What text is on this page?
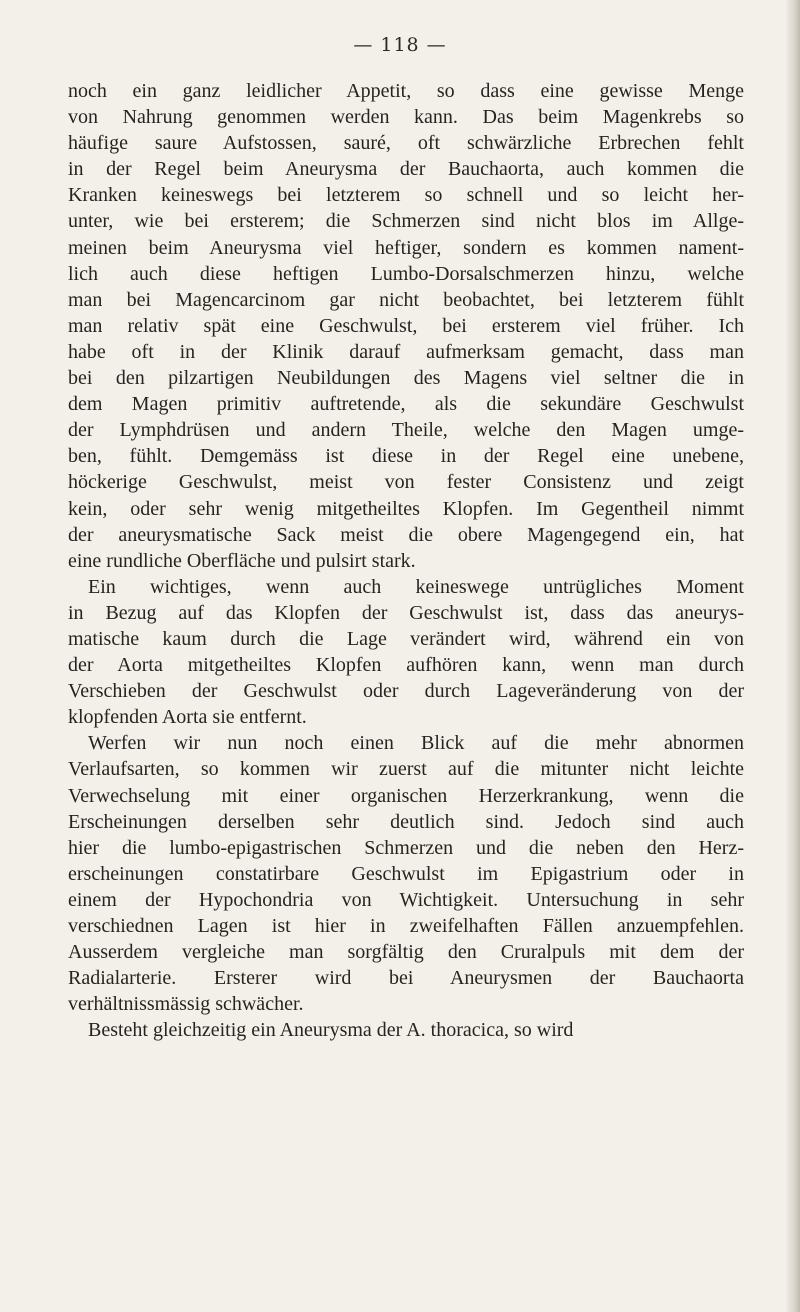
— 118 —
noch ein ganz leidlicher Appetit, so dass eine gewisse Menge
von Nahrung genommen werden kann. Das beim Magenkrebs so
häufige saure Aufstossen, sauré, oft schwärzliche Erbrechen fehlt
in der Regel beim Aneurysma der Bauchaorta, auch kommen die
Kranken keineswegs bei letzterem so schnell und so leicht her-
unter, wie bei ersterem; die Schmerzen sind nicht blos im Allge-
meinen beim Aneurysma viel heftiger, sondern es kommen nament-
lich auch diese heftigen Lumbo-Dorsalschmerzen hinzu, welche
man bei Magencarcinom gar nicht beobachtet, bei letzterem fühlt
man relativ spät eine Geschwulst, bei ersterem viel früher. Ich
habe oft in der Klinik darauf aufmerksam gemacht, dass man
bei den pilzartigen Neubildungen des Magens viel seltner die in
dem Magen primitiv auftretende, als die sekundäre Geschwulst
der Lymphdrüsen und andern Theile, welche den Magen umge-
ben, fühlt. Demgemäss ist diese in der Regel eine unebene,
höckerige Geschwulst, meist von fester Consistenz und zeigt
kein, oder sehr wenig mitgetheiltes Klopfen. Im Gegentheil nimmt
der aneurysmatische Sack meist die obere Magengegend ein, hat
eine rundliche Oberfläche und pulsirt stark.
Ein wichtiges, wenn auch keineswege untrügliches Moment
in Bezug auf das Klopfen der Geschwulst ist, dass das aneurys-
matische kaum durch die Lage verändert wird, während ein von
der Aorta mitgetheiltes Klopfen aufhören kann, wenn man durch
Verschieben der Geschwulst oder durch Lageveränderung von der
klopfenden Aorta sie entfernt.
Werfen wir nun noch einen Blick auf die mehr abnormen
Verlaufsarten, so kommen wir zuerst auf die mitunter nicht leichte
Verwechselung mit einer organischen Herzerkrankung, wenn die
Erscheinungen derselben sehr deutlich sind. Jedoch sind auch
hier die lumbo-epigastrischen Schmerzen und die neben den Herz-
erscheinungen constatirbare Geschwulst im Epigastrium oder in
einem der Hypochondria von Wichtigkeit. Untersuchung in sehr
verschiednen Lagen ist hier in zweifelhaften Fällen anzuempfehlen.
Ausserdem vergleiche man sorgfältig den Cruralpuls mit dem der
Radialarterie. Ersterer wird bei Aneurysmen der Bauchaorta
verhältnissmässig schwächer.
Besteht gleichzeitig ein Aneurysma der A. thoracica, so wird
